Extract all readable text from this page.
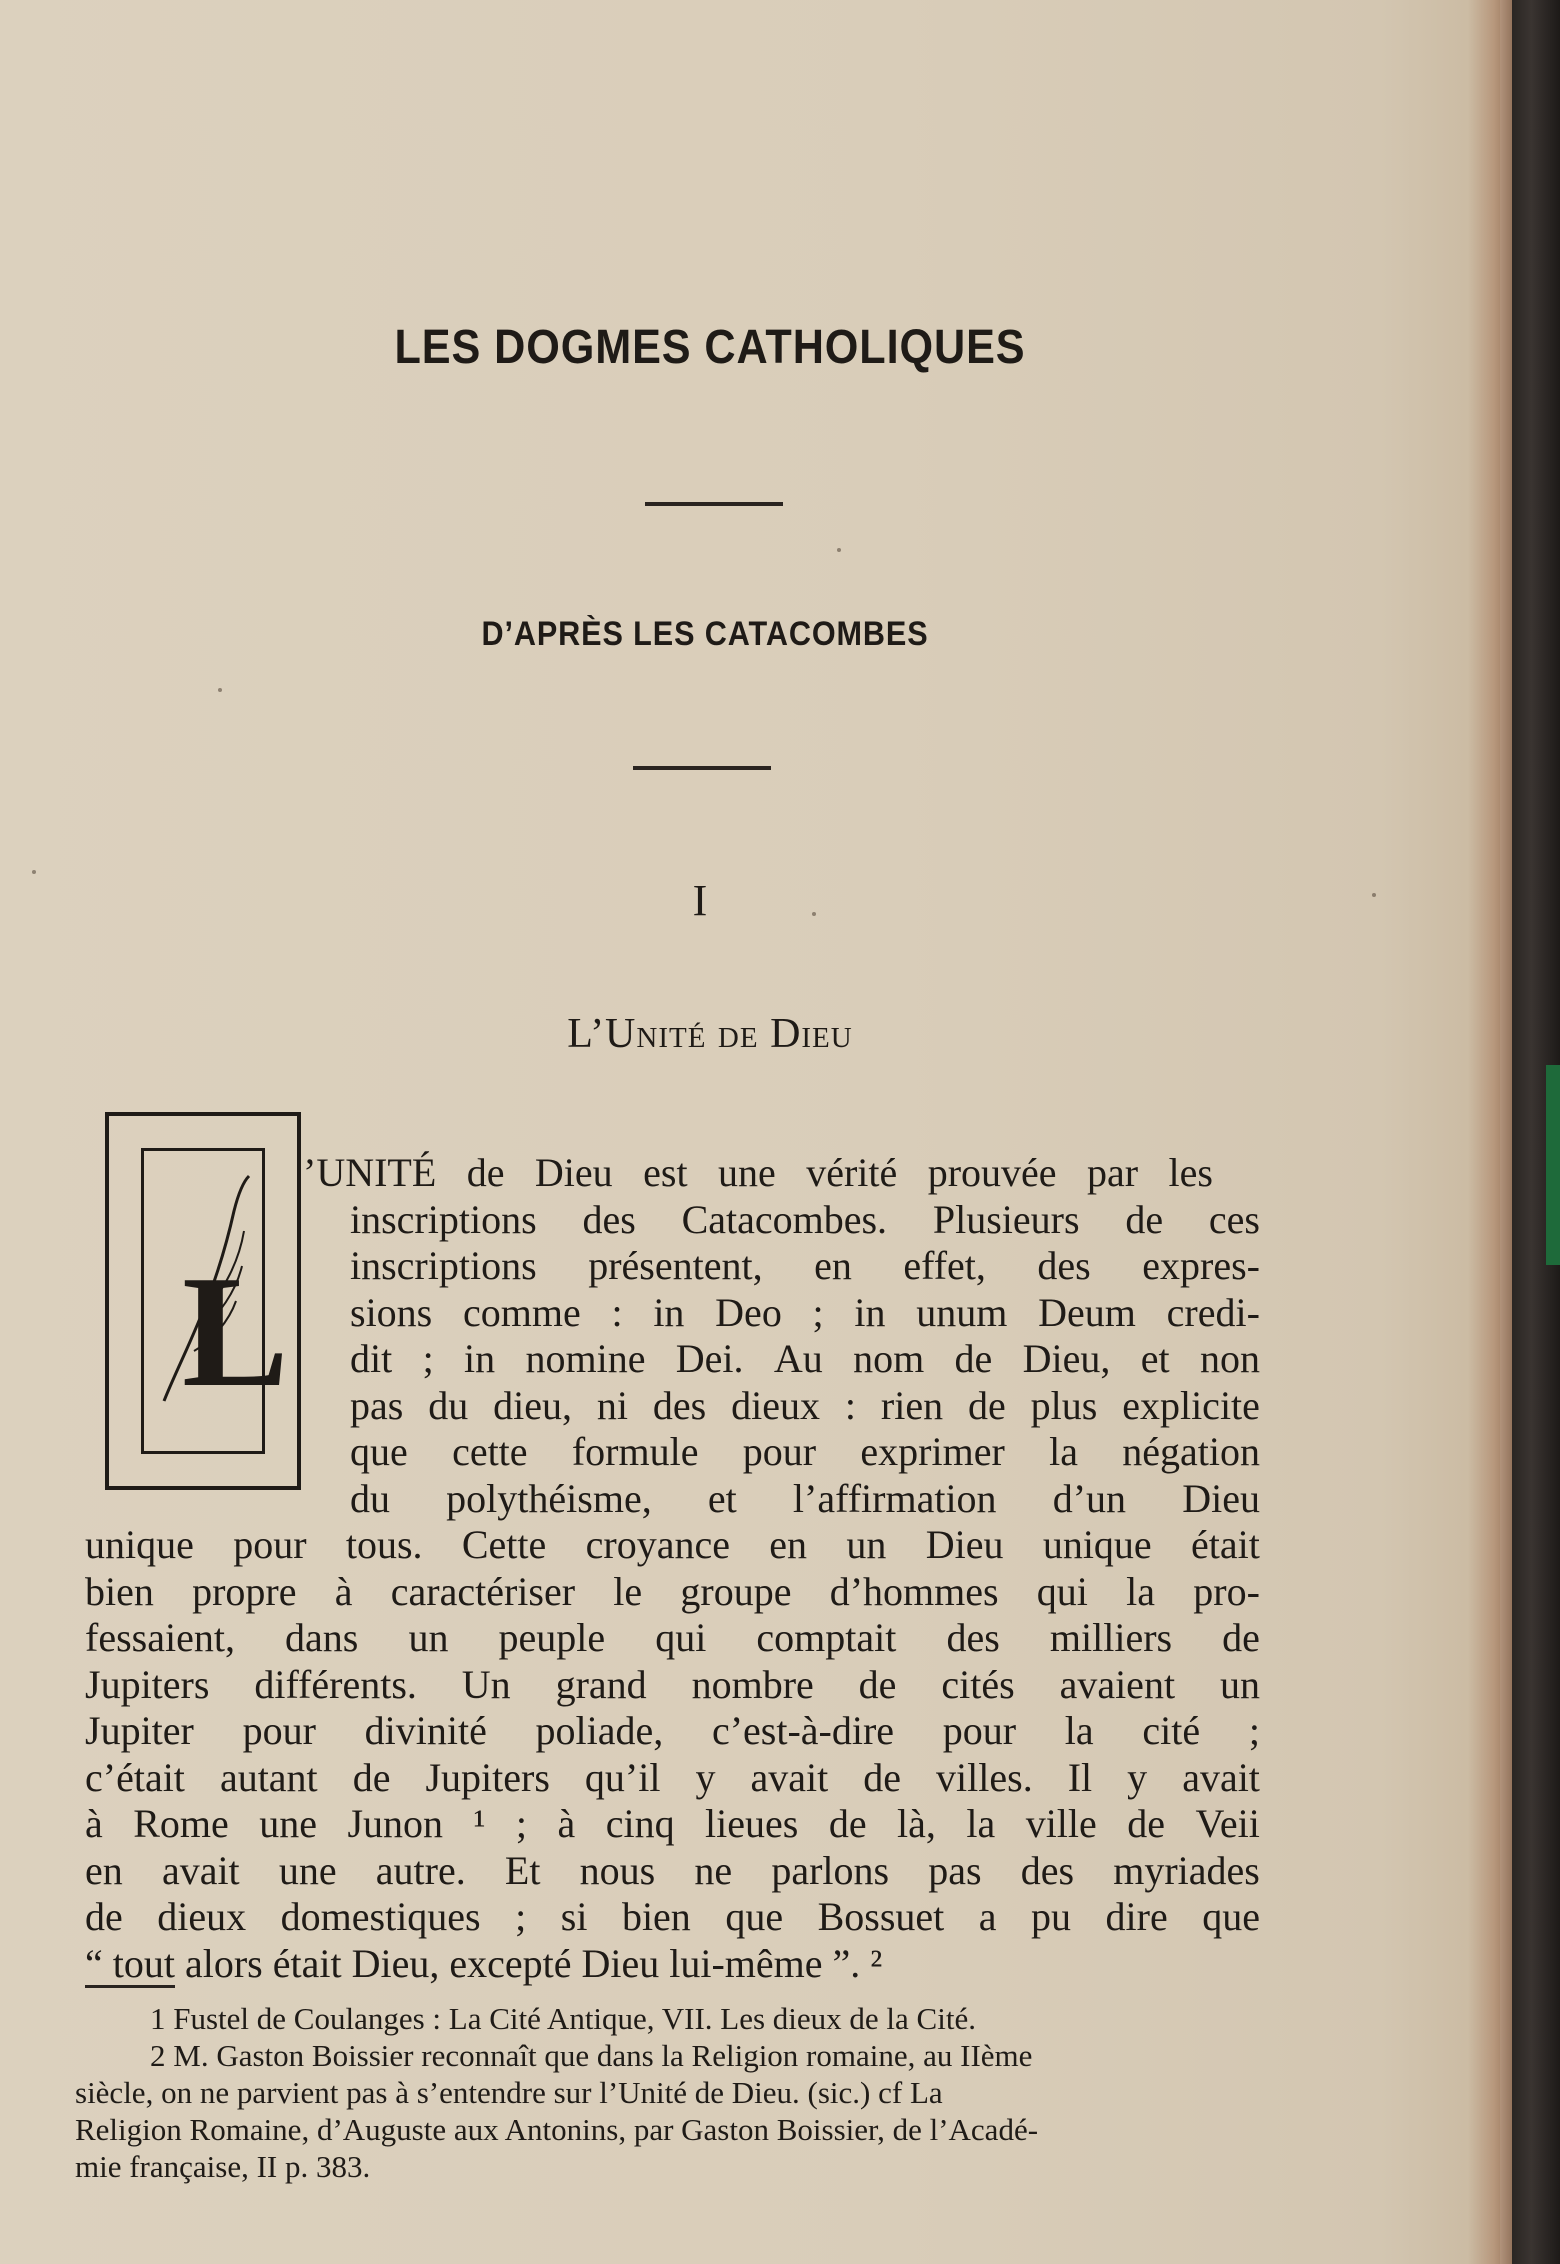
LES DOGMES CATHOLIQUES
D’APRÈS LES CATACOMBES
I
L’Unité de Dieu
L
’UNITÉ de Dieu est une vérité prouvée par les
inscriptions des Catacombes. Plusieurs de ces
inscriptions présentent, en effet, des expres-
sions comme : in Deo ; in unum Deum credi-
dit ; in nomine Dei. Au nom de Dieu, et non
pas du dieu, ni des dieux : rien de plus explicite
que cette formule pour exprimer la négation
du polythéisme, et l’affirmation d’un Dieu
unique pour tous. Cette croyance en un Dieu unique était
bien propre à caractériser le groupe d’hommes qui la pro-
fessaient, dans un peuple qui comptait des milliers de
Jupiters différents. Un grand nombre de cités avaient un
Jupiter pour divinité poliade, c’est-à-dire pour la cité ;
c’était autant de Jupiters qu’il y avait de villes. Il y avait
à Rome une Junon ¹ ; à cinq lieues de là, la ville de Veii
en avait une autre. Et nous ne parlons pas des myriades
de dieux domestiques ; si bien que Bossuet a pu dire que
“ tout alors était Dieu, excepté Dieu lui-même ”. ²
1 Fustel de Coulanges : La Cité Antique, VII. Les dieux de la Cité.
2 M. Gaston Boissier reconnaît que dans la Religion romaine, au IIème
siècle, on ne parvient pas à s’entendre sur l’Unité de Dieu. (sic.) cf La
Religion Romaine, d’Auguste aux Antonins, par Gaston Boissier, de l’Acadé-
mie française, II p. 383.
